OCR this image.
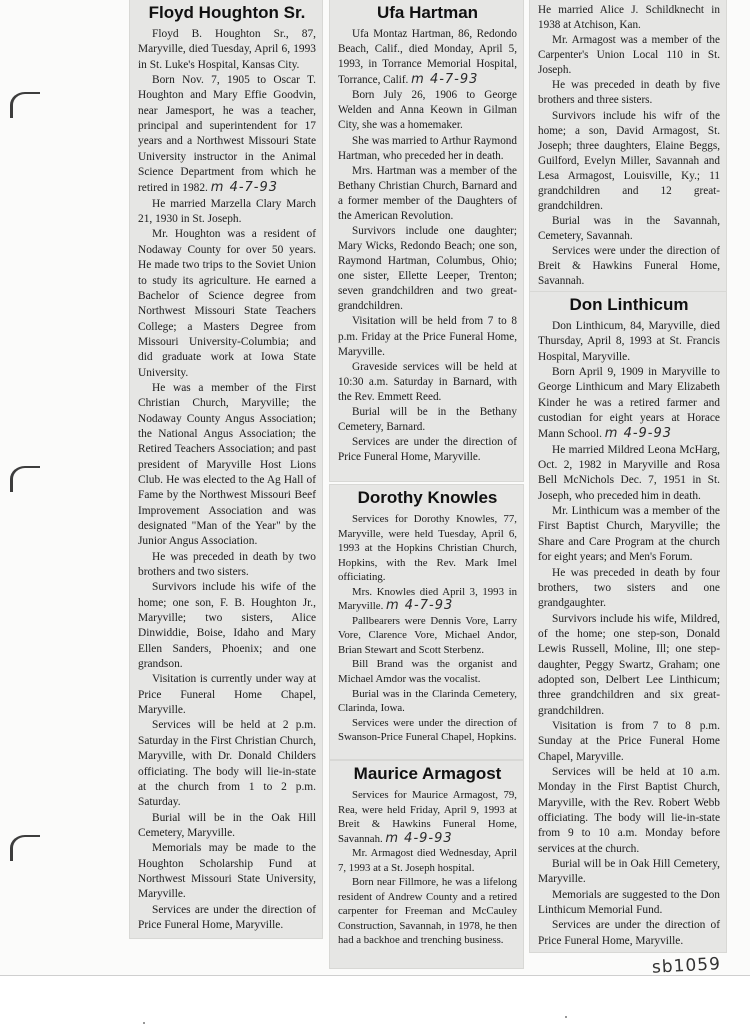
Floyd Houghton Sr.

Floyd B. Houghton Sr., 87, Maryville, died Tuesday, April 6, 1993 in St. Luke's Hospital, Kansas City.

Born Nov. 7, 1905 to Oscar T. Houghton and Mary Effie Goodvin, near Jamesport, he was a teacher, principal and superintendent for 17 years and a Northwest Missouri State University instructor in the Animal Science Department from which he retired in 1982. m 4-7-93

He married Marzella Clary March 21, 1930 in St. Joseph.

Mr. Houghton was a resident of Nodaway County for over 50 years. He made two trips to the Soviet Union to study its agriculture. He earned a Bachelor of Science degree from Northwest Missouri State Teachers College; a Masters Degree from Missouri University-Columbia; and did graduate work at Iowa State University.

He was a member of the First Christian Church, Maryville; the Nodaway County Angus Association; the National Angus Association; the Retired Teachers Association; and past president of Maryville Host Lions Club. He was elected to the Ag Hall of Fame by the Northwest Missouri Beef Improvement Association and was designated "Man of the Year" by the Junior Angus Association.

He was preceded in death by two brothers and two sisters.

Survivors include his wife of the home; one son, F. B. Houghton Jr., Maryville; two sisters, Alice Dinwiddie, Boise, Idaho and Mary Ellen Sanders, Phoenix; and one grandson.

Visitation is currently under way at Price Funeral Home Chapel, Maryville.

Services will be held at 2 p.m. Saturday in the First Christian Church, Maryville, with Dr. Donald Childers officiating. The body will lie-in-state at the church from 1 to 2 p.m. Saturday.

Burial will be in the Oak Hill Cemetery, Maryville.

Memorials may be made to the Houghton Scholarship Fund at Northwest Missouri State University, Maryville.

Services are under the direction of Price Funeral Home, Maryville.

Ufa Hartman

Ufa Montaz Hartman, 86, Redondo Beach, Calif., died Monday, April 5, 1993, in Torrance Memorial Hospital, Torrance, Calif. m 4-7-93

Born July 26, 1906 to George Welden and Anna Keown in Gilman City, she was a homemaker.

She was married to Arthur Raymond Hartman, who preceded her in death.

Mrs. Hartman was a member of the Bethany Christian Church, Barnard and a former member of the Daughters of the American Revolution.

Survivors include one daughter; Mary Wicks, Redondo Beach; one son, Raymond Hartman, Columbus, Ohio; one sister, Ellette Leeper, Trenton; seven grandchildren and two great-grandchildren.

Visitation will be held from 7 to 8 p.m. Friday at the Price Funeral Home, Maryville.

Graveside services will be held at 10:30 a.m. Saturday in Barnard, with the Rev. Emmett Reed.

Burial will be in the Bethany Cemetery, Barnard.

Services are under the direction of Price Funeral Home, Maryville.

Dorothy Knowles

Services for Dorothy Knowles, 77, Maryville, were held Tuesday, April 6, 1993 at the Hopkins Christian Church, Hopkins, with the Rev. Mark Imel officiating.

Mrs. Knowles died April 3, 1993 in Maryville. m 4-7-93

Pallbearers were Dennis Vore, Larry Vore, Clarence Vore, Michael Andor, Brian Stewart and Scott Sterbenz.

Bill Brand was the organist and Michael Amdor was the vocalist.

Burial was in the Clarinda Cemetery, Clarinda, Iowa.

Services were under the direction of Swanson-Price Funeral Chapel, Hopkins.

Maurice Armagost

Services for Maurice Armagost, 79, Rea, were held Friday, April 9, 1993 at Breit & Hawkins Funeral Home, Savannah. m 4-9-93

Mr. Armagost died Wednesday, April 7, 1993 at a St. Joseph hospital.

Born near Fillmore, he was a lifelong resident of Andrew County and a retired carpenter for Freeman and McCauley Construction, Savannah, in 1978, he then had a backhoe and trenching business.

He married Alice J. Schildknecht in 1938 at Atchison, Kan.

Mr. Armagost was a member of the Carpenter's Union Local 110 in St. Joseph.

He was preceded in death by five brothers and three sisters.

Survivors include his wifr of the home; a son, David Armagost, St. Joseph; three daughters, Elaine Beggs, Guilford, Evelyn Miller, Savannah and Lesa Armagost, Louisville, Ky.; 11 grandchildren and 12 great-grandchildren.

Burial was in the Savannah, Cemetery, Savannah.

Services were under the direction of Breit & Hawkins Funeral Home, Savannah.

Don Linthicum

Don Linthicum, 84, Maryville, died Thursday, April 8, 1993 at St. Francis Hospital, Maryville.

Born April 9, 1909 in Maryville to George Linthicum and Mary Elizabeth Kinder he was a retired farmer and custodian for eight years at Horace Mann School. m 4-9-93

He married Mildred Leona McHarg, Oct. 2, 1982 in Maryville and Rosa Bell McNichols Dec. 7, 1951 in St. Joseph, who preceded him in death.

Mr. Linthicum was a member of the First Baptist Church, Maryville; the Share and Care Program at the church for eight years; and Men's Forum.

He was preceded in death by four brothers, two sisters and one grandgaughter.

Survivors include his wife, Mildred, of the home; one step-son, Donald Lewis Russell, Moline, Ill; one step-daughter, Peggy Swartz, Graham; one adopted son, Delbert Lee Linthicum; three grandchildren and six great-grandchildren.

Visitation is from 7 to 8 p.m. Sunday at the Price Funeral Home Chapel, Maryville.

Services will be held at 10 a.m. Monday in the First Baptist Church, Maryville, with the Rev. Robert Webb officiating. The body will lie-in-state from 9 to 10 a.m. Monday before services at the church.

Burial will be in Oak Hill Cemetery, Maryville.

Memorials are suggested to the Don Linthicum Memorial Fund.

Services are under the direction of Price Funeral Home, Maryville.

sb1059
